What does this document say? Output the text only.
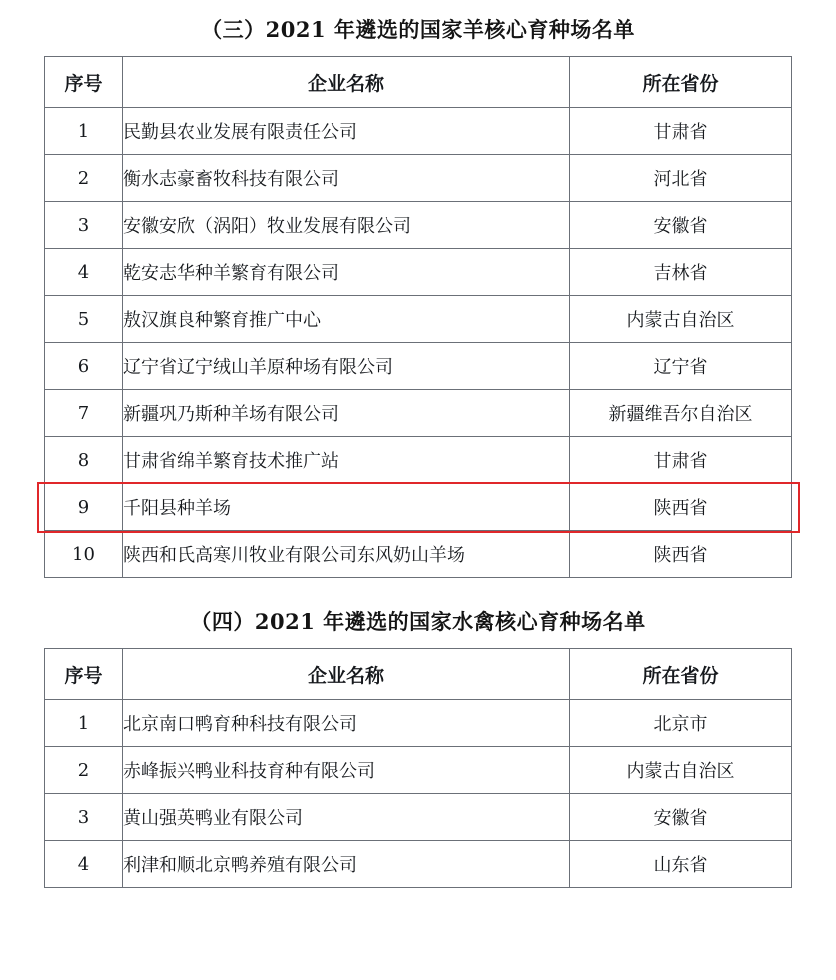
（三）2021 年遴选的国家羊核心育种场名单
序号	企业名称	所在省份
1	民勤县农业发展有限责任公司	甘肃省
2	衡水志豪畜牧科技有限公司	河北省
3	安徽安欣（涡阳）牧业发展有限公司	安徽省
4	乾安志华种羊繁育有限公司	吉林省
5	敖汉旗良种繁育推广中心	内蒙古自治区
6	辽宁省辽宁绒山羊原种场有限公司	辽宁省
7	新疆巩乃斯种羊场有限公司	新疆维吾尔自治区
8	甘肃省绵羊繁育技术推广站	甘肃省
9	千阳县种羊场	陕西省
10	陕西和氏高寒川牧业有限公司东风奶山羊场	陕西省
（四）2021 年遴选的国家水禽核心育种场名单
序号	企业名称	所在省份
1	北京南口鸭育种科技有限公司	北京市
2	赤峰振兴鸭业科技育种有限公司	内蒙古自治区
3	黄山强英鸭业有限公司	安徽省
4	利津和顺北京鸭养殖有限公司	山东省
